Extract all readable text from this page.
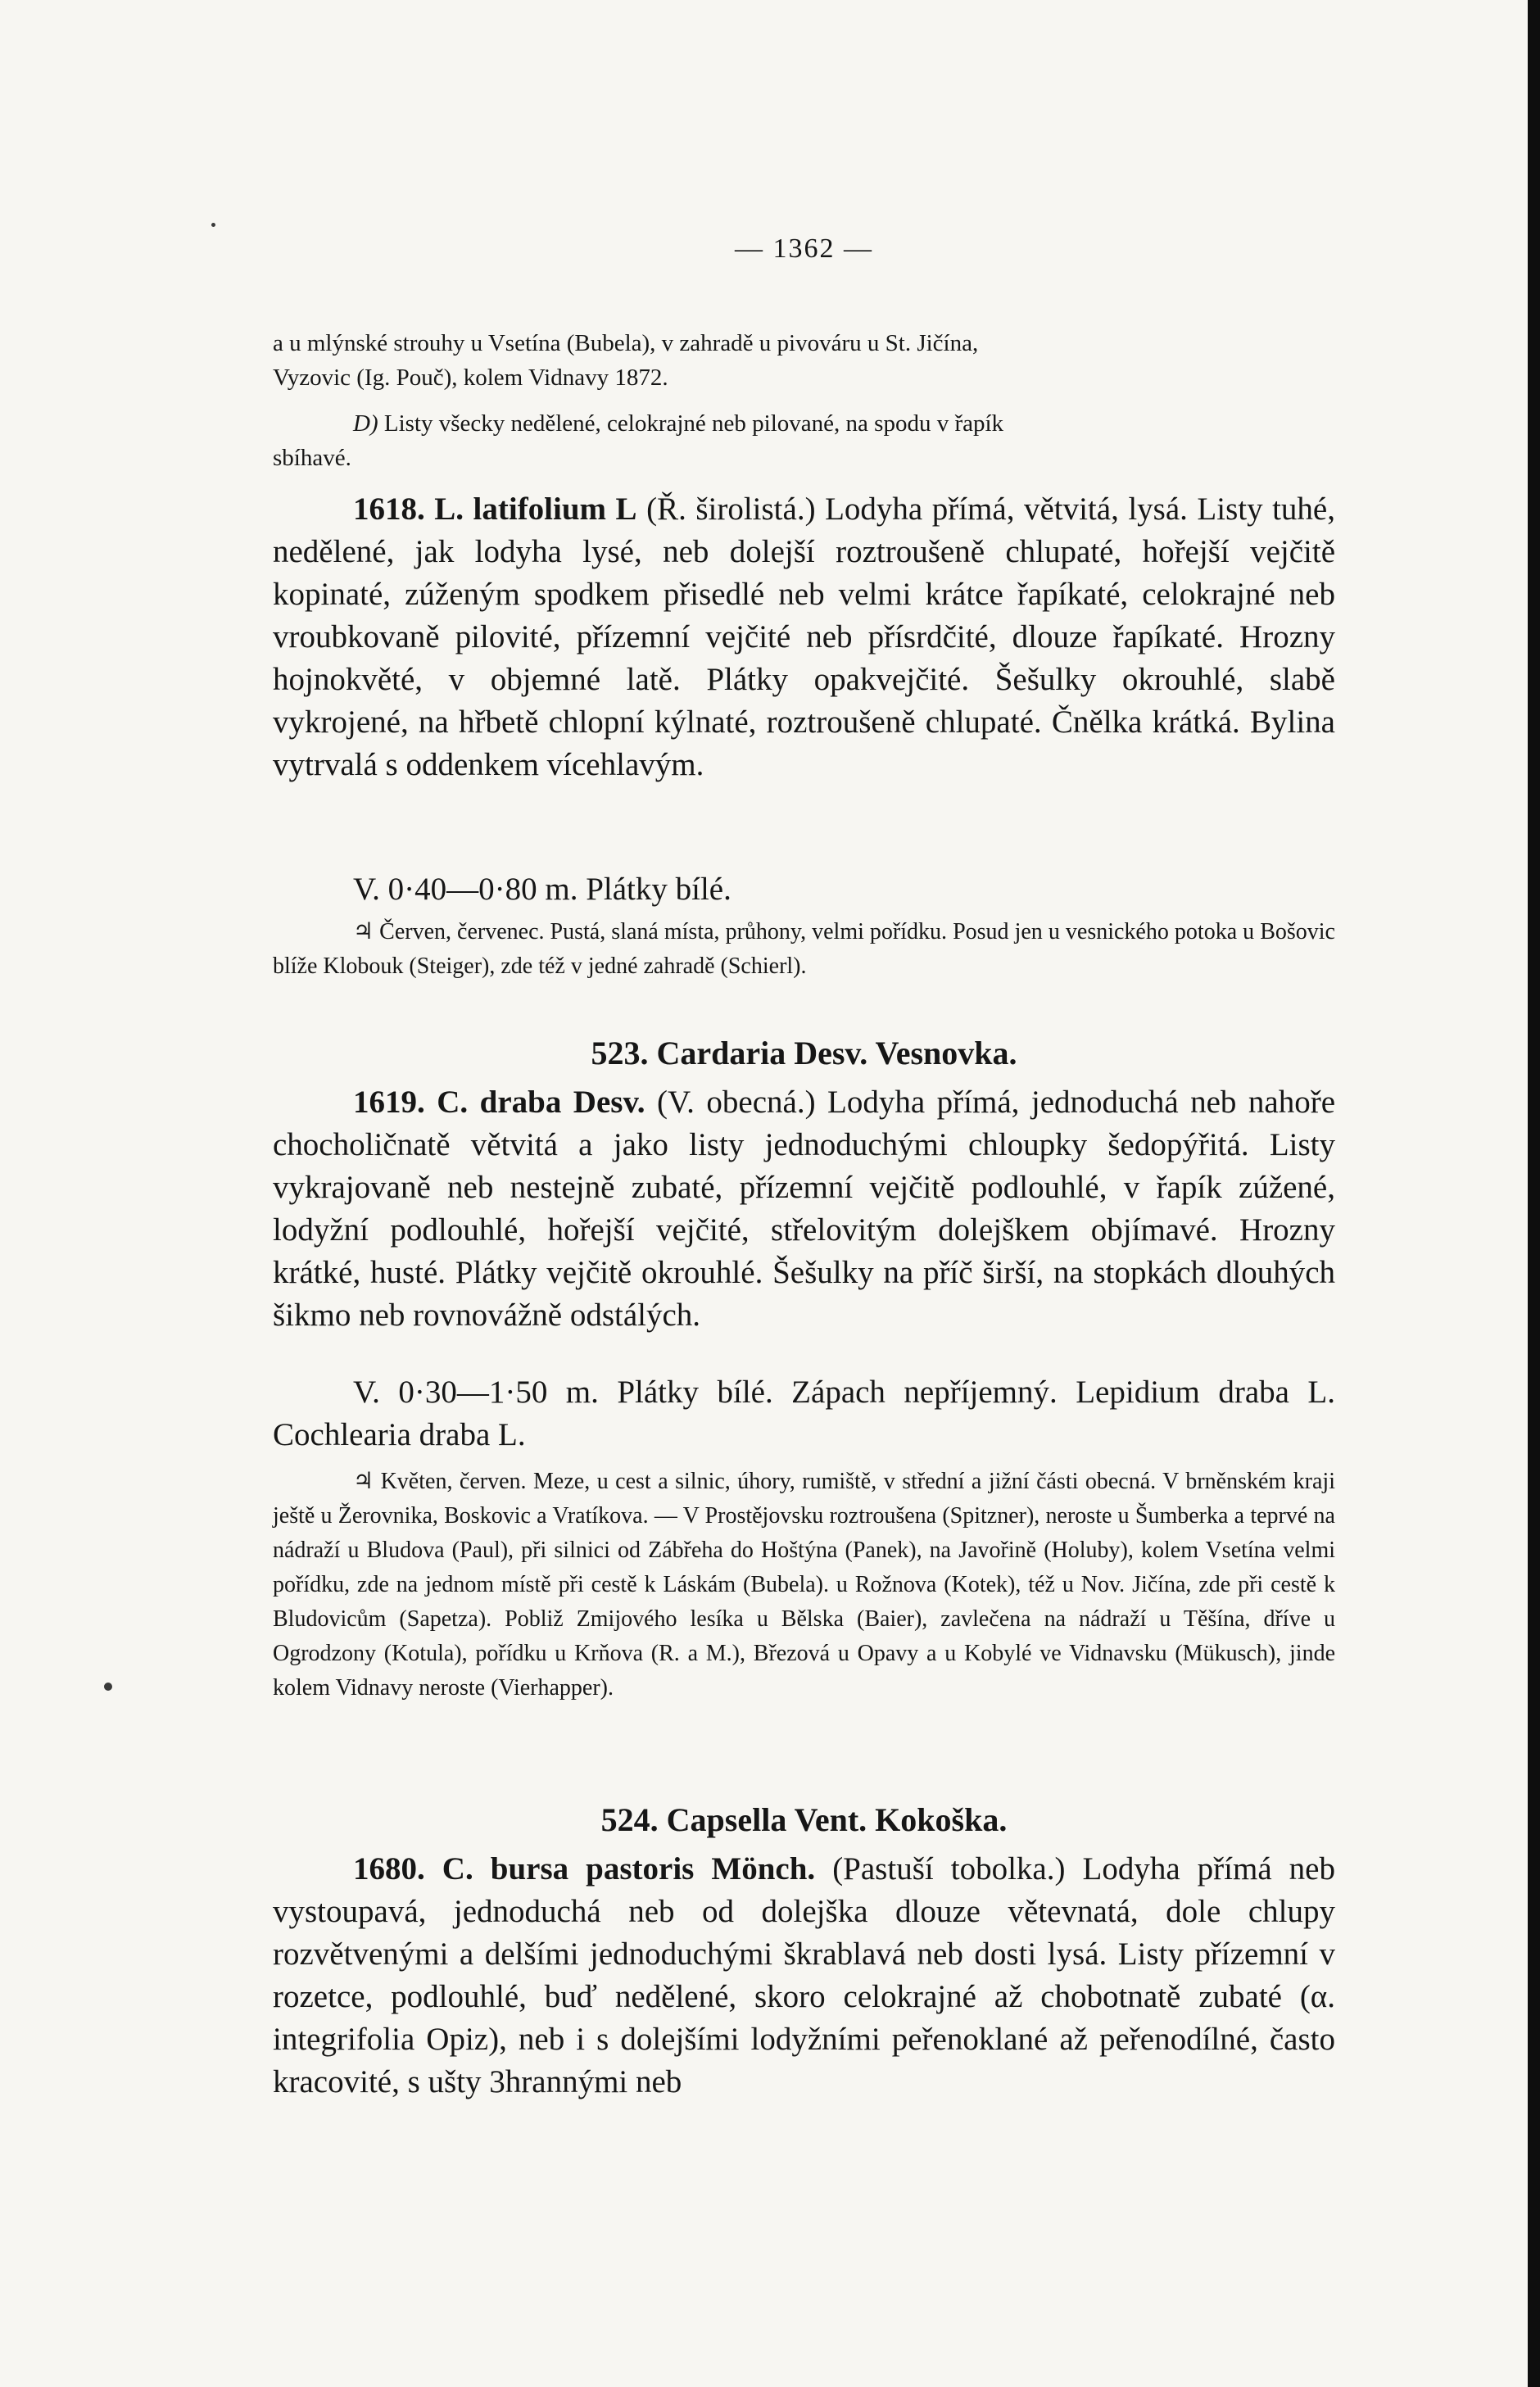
— 1362 —

a u mlýnské strouhy u Vsetína (Bubela), v zahradě u pivováru u St. Jičína,

Vyzovic (Ig. Pouč), kolem Vidnavy 1872.

D) Listy všecky nedělené, celokrajné neb pilované, na spodu v řapík

sbíhavé.

1618. L. latifolium L (Ř. širolistá.) Lodyha přímá, větvitá, lysá. Listy tuhé, nedělené, jak lodyha lysé, neb dolejší roztroušeně chlupaté, hořejší vejčitě kopinaté, zúženým spodkem přisedlé neb velmi krátce řapíkaté, celokrajné neb vroubkovaně pilovité, přízemní vejčité neb přísrdčité, dlouze řapíkaté. Hrozny hojnokvěté, v objemné latě. Plátky opakvejčité. Šešulky okrouhlé, slabě vykrojené, na hřbetě chlopní kýlnaté, roztroušeně chlupaté. Čnělka krátká. Bylina vytrvalá s oddenkem vícehlavým.
V. 0·40—0·80 m. Plátky bílé.
♃ Červen, červenec. Pustá, slaná místa, průhony, velmi pořídku. Posud jen u vesnického potoka u Bošovic blíže Klobouk (Steiger), zde též v jedné zahradě (Schierl).
523. Cardaria Desv. Vesnovka.
1619. C. draba Desv. (V. obecná.) Lodyha přímá, jednoduchá neb nahoře chocholičnatě větvitá a jako listy jednoduchými chloupky šedopýřitá. Listy vykrajovaně neb nestejně zubaté, přízemní vejčitě podlouhlé, v řapík zúžené, lodyžní podlouhlé, hořejší vejčité, střelovitým dolejškem objímavé. Hrozny krátké, husté. Plátky vejčitě okrouhlé. Šešulky na příč širší, na stopkách dlouhých šikmo neb rovnovážně odstálých.
V. 0·30—1·50 m. Plátky bílé. Zápach nepříjemný. Lepidium draba L. Cochlearia draba L.
♃ Květen, červen. Meze, u cest a silnic, úhory, rumiště, v střední a jižní části obecná. V brněnském kraji ještě u Žerovnika, Boskovic a Vratíkova. — V Prostějovsku roztroušena (Spitzner), neroste u Šumberka a teprvé na nádraží u Bludova (Paul), při silnici od Zábřeha do Hoštýna (Panek), na Javořině (Holuby), kolem Vsetína velmi pořídku, zde na jednom místě při cestě k Láskám (Bubela). u Rožnova (Kotek), též u Nov. Jičína, zde při cestě k Bludovicům (Sapetza). Pobliž Zmijového lesíka u Bělska (Baier), zavlečena na nádraží u Těšína, dříve u Ogrodzony (Kotula), pořídku u Krňova (R. a M.), Březová u Opavy a u Kobylé ve Vidnavsku (Mükusch), jinde kolem Vidnavy neroste (Vierhapper).
524. Capsella Vent. Kokoška.
1680. C. bursa pastoris Mönch. (Pastuší tobolka.) Lodyha přímá neb vystoupavá, jednoduchá neb od dolejška dlouze větevnatá, dole chlupy rozvětvenými a delšími jednoduchými škrablavá neb dosti lysá. Listy přízemní v rozetce, podlouhlé, buď nedělené, skoro celokrajné až chobotnatě zubaté (α. integrifolia Opiz), neb i s dolejšími lodyžními peřenoklané až peřenodílné, často kracovité, s ušty 3hrannými neb
